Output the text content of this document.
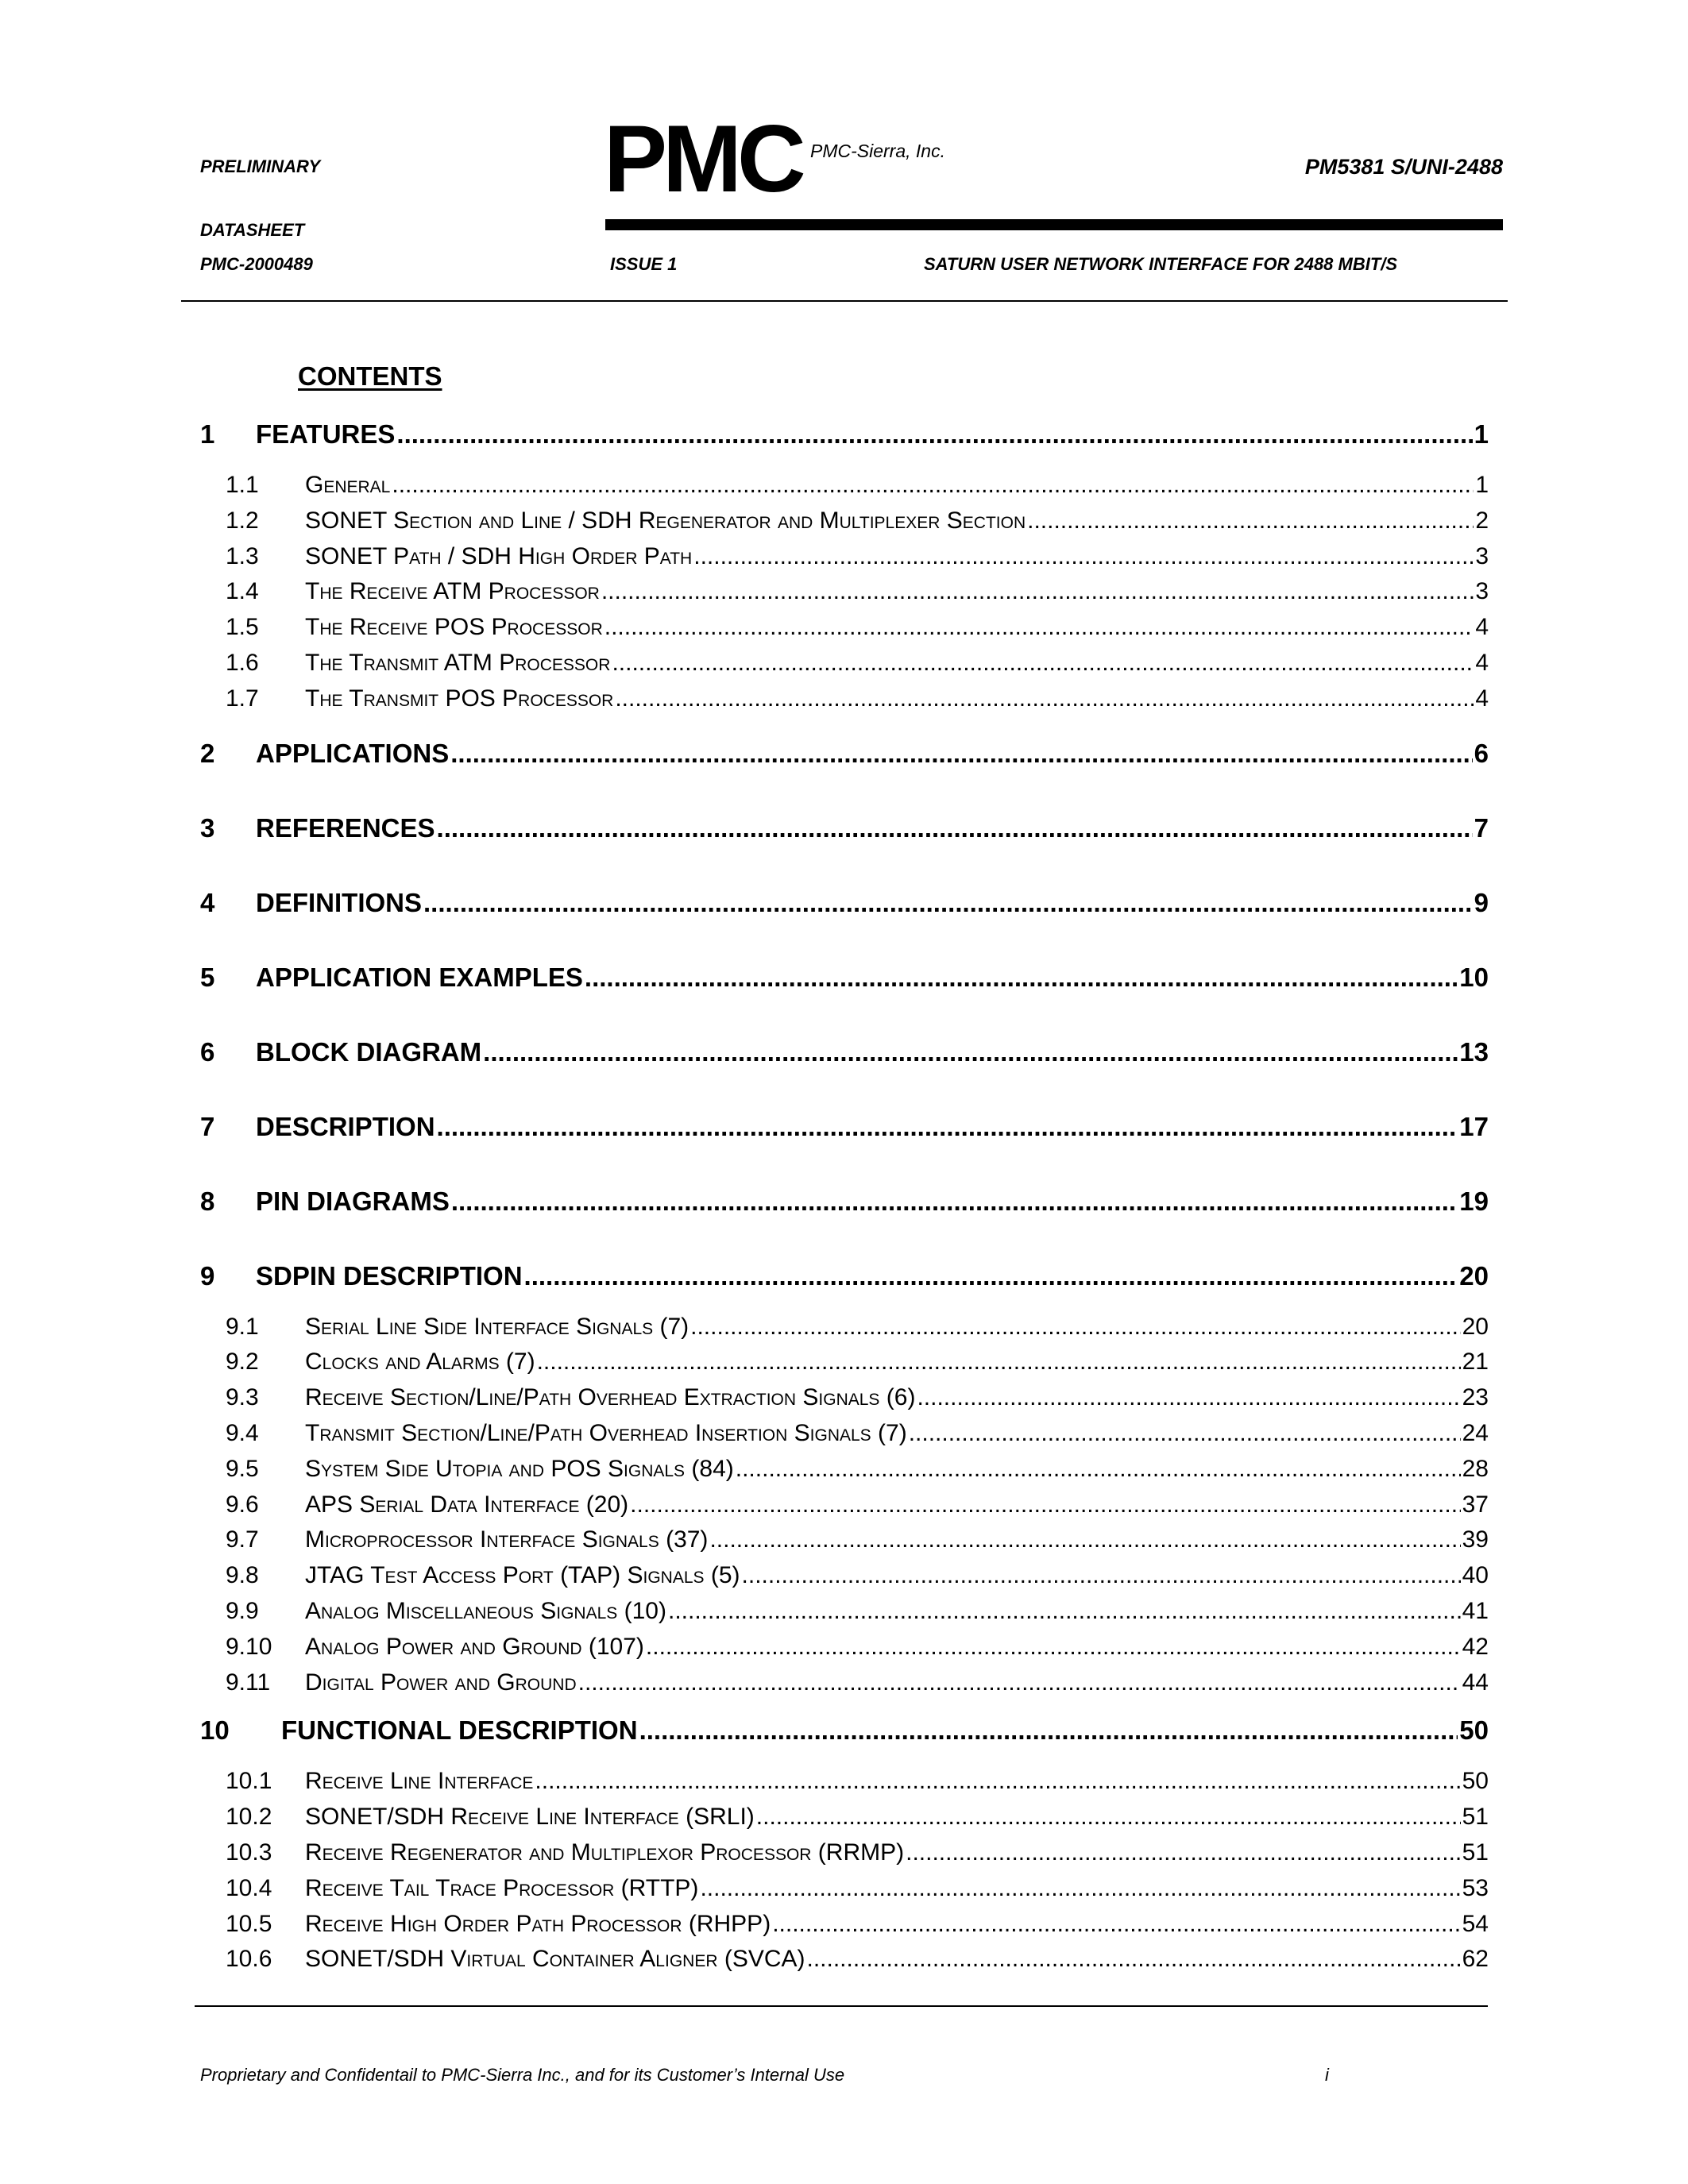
PRELIMINARY
DATASHEET
PMC-2000489
PMC PMC-Sierra, Inc.
PM5381 S/UNI-2488
ISSUE 1	SATURN USER NETWORK INTERFACE FOR 2488 MBIT/S
CONTENTS
1	FEATURES .....	1
1.1	General .....	1
1.2	SONET Section and Line / SDH Regenerator and Multiplexer Section .....	2
1.3	SONET Path / SDH High Order Path .....	3
1.4	The Receive ATM Processor .....	3
1.5	The Receive POS Processor .....	4
1.6	The Transmit ATM Processor .....	4
1.7	The Transmit POS Processor .....	4
2	APPLICATIONS .....	6
3	REFERENCES .....	7
4	DEFINITIONS .....	9
5	APPLICATION EXAMPLES .....	10
6	BLOCK DIAGRAM .....	13
7	DESCRIPTION .....	17
8	PIN DIAGRAMS .....	19
9	SDPIN DESCRIPTION .....	20
9.1	Serial Line Side Interface Signals (7) .....	20
9.2	Clocks and Alarms (7) .....	21
9.3	Receive Section/Line/Path Overhead Extraction Signals (6) .....	23
9.4	Transmit Section/Line/Path Overhead Insertion Signals (7) .....	24
9.5	System Side Utopia and POS Signals (84) .....	28
9.6	APS Serial Data Interface (20) .....	37
9.7	Microprocessor Interface Signals (37) .....	39
9.8	JTAG Test Access Port (TAP) Signals (5) .....	40
9.9	Analog Miscellaneous Signals (10) .....	41
9.10	Analog Power and Ground (107) .....	42
9.11	Digital Power and Ground .....	44
10	FUNCTIONAL DESCRIPTION .....	50
10.1	Receive Line Interface .....	50
10.2	SONET/SDH Receive Line Interface (SRLI) .....	51
10.3	Receive Regenerator and Multiplexor Processor (RRMP) .....	51
10.4	Receive Tail Trace Processor (RTTP) .....	53
10.5	Receive High Order Path Processor (RHPP) .....	54
10.6	SONET/SDH Virtual Container Aligner (SVCA) .....	62
Proprietary and Confidentail to PMC-Sierra Inc., and for its Customer’s Internal Use	i
